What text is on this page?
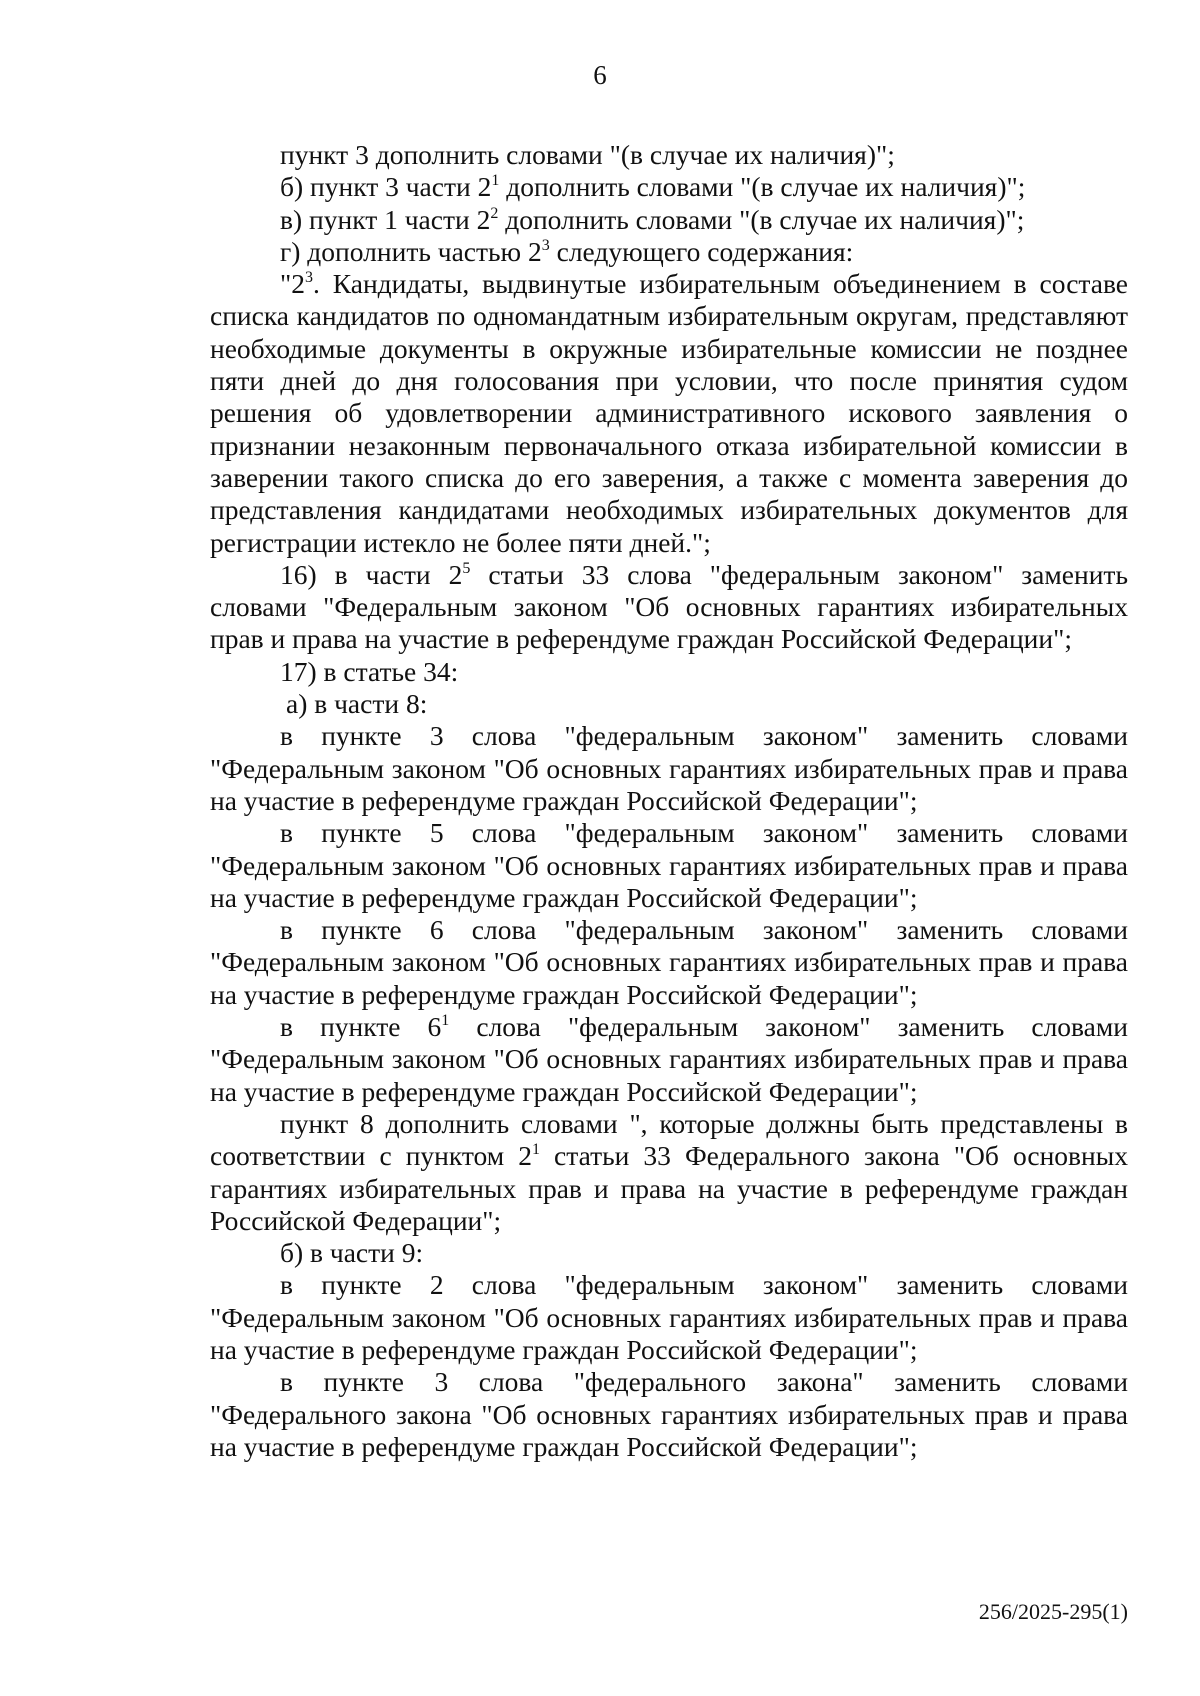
6

пункт 3 дополнить словами "(в случае их наличия)";

б) пункт 3 части $2^1$ дополнить словами "(в случае их наличия)";

в) пункт 1 части $2^2$ дополнить словами "(в случае их наличия)";

г) дополнить частью $2^3$ следующего содержания:

"$2^3$. Кандидаты, выдвинутые избирательным объединением в составе списка кандидатов по одномандатным избирательным округам, представляют необходимые документы в окружные избирательные комиссии не позднее пяти дней до дня голосования при условии, что после принятия судом решения об удовлетворении административного искового заявления о признании незаконным первоначального отказа избирательной комиссии в заверении такого списка до его заверения, а также с момента заверения до представления кандидатами необходимых избирательных документов для регистрации истекло не более пяти дней.";

16) в части $2^5$ статьи 33 слова "федеральным законом" заменить словами "Федеральным законом "Об основных гарантиях избирательных прав и права на участие в референдуме граждан Российской Федерации";

17) в статье 34:

а) в части 8:

в пункте 3 слова "федеральным законом" заменить словами "Федеральным законом "Об основных гарантиях избирательных прав и права на участие в референдуме граждан Российской Федерации";

в пункте 5 слова "федеральным законом" заменить словами "Федеральным законом "Об основных гарантиях избирательных прав и права на участие в референдуме граждан Российской Федерации";

в пункте 6 слова "федеральным законом" заменить словами "Федеральным законом "Об основных гарантиях избирательных прав и права на участие в референдуме граждан Российской Федерации";

в пункте $6^1$ слова "федеральным законом" заменить словами "Федеральным законом "Об основных гарантиях избирательных прав и права на участие в референдуме граждан Российской Федерации";

пункт 8 дополнить словами ", которые должны быть представлены в соответствии с пунктом $2^1$ статьи 33 Федерального закона "Об основных гарантиях избирательных прав и права на участие в референдуме граждан Российской Федерации";

б) в части 9:

в пункте 2 слова "федеральным законом" заменить словами "Федеральным законом "Об основных гарантиях избирательных прав и права на участие в референдуме граждан Российской Федерации";

в пункте 3 слова "федерального закона" заменить словами "Федерального закона "Об основных гарантиях избирательных прав и права на участие в референдуме граждан Российской Федерации";

256/2025-295(1)
